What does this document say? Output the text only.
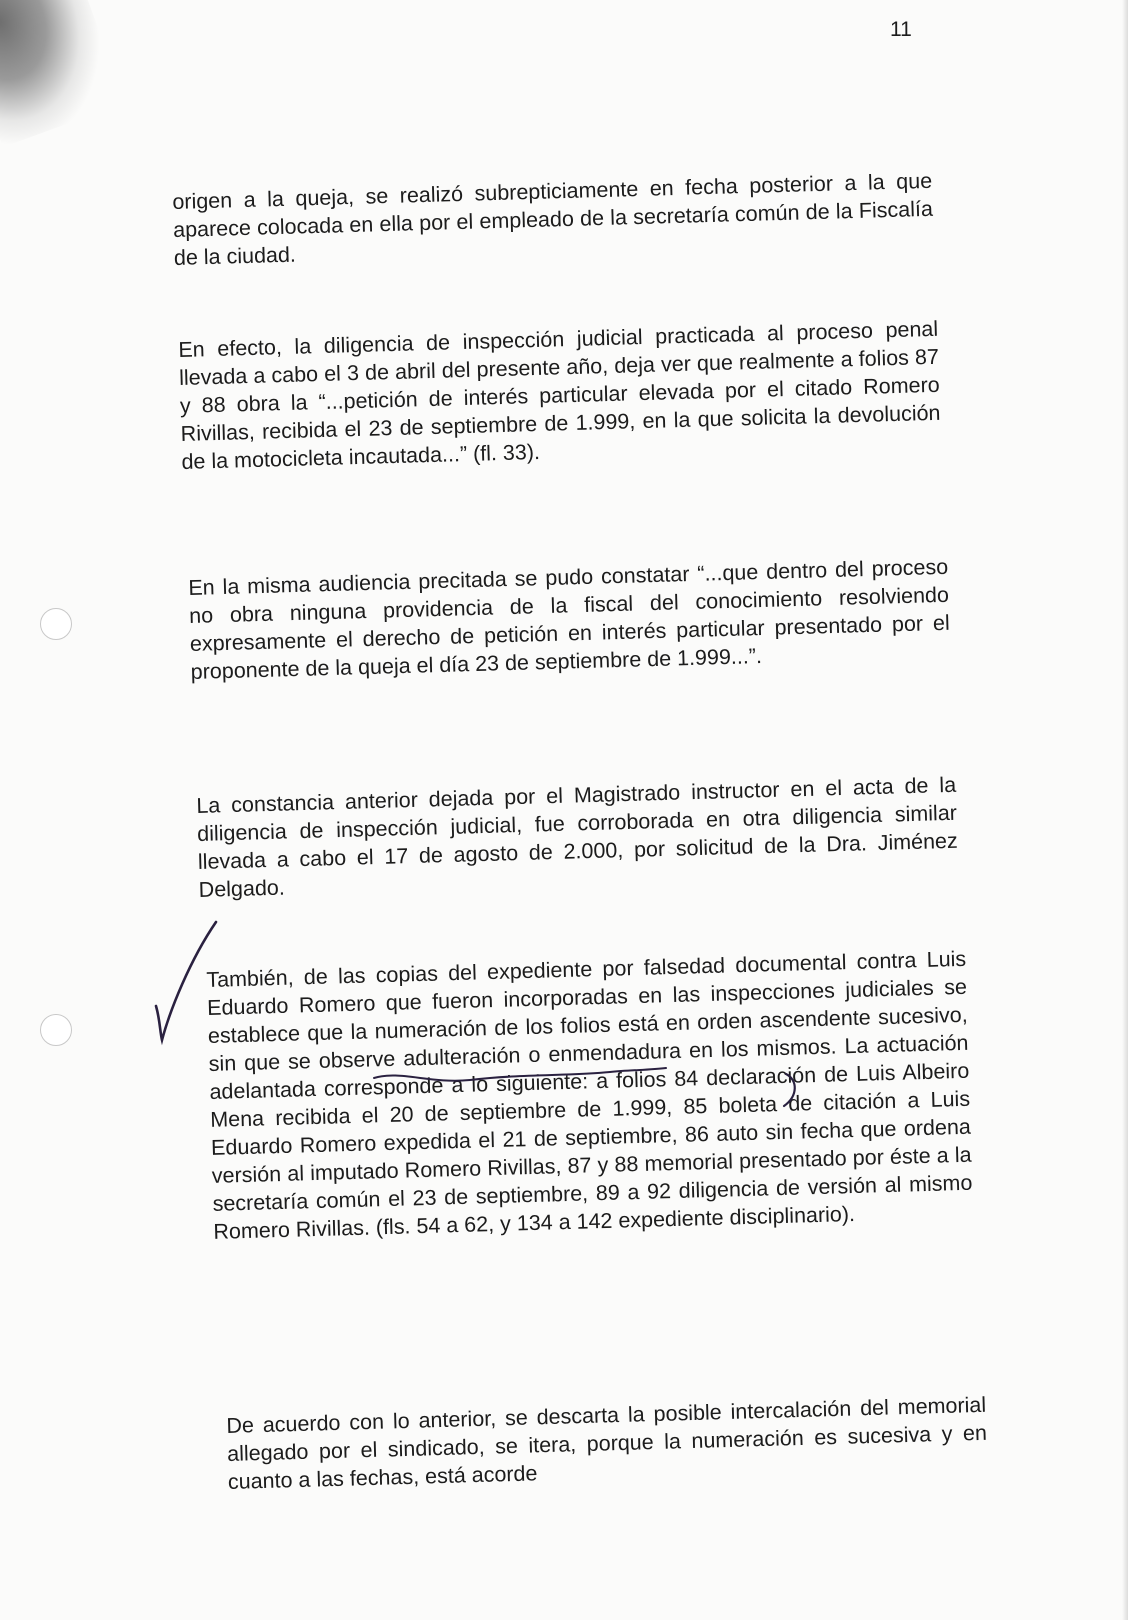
11

origen a la queja, se realizó subrepticiamente en fecha posterior a la que aparece colocada en ella por el empleado de la secretaría común de la Fiscalía de la ciudad.

En efecto, la diligencia de inspección judicial practicada al proceso penal llevada a cabo el 3 de abril del presente año, deja ver que realmente a folios 87 y 88 obra la “...petición de interés particular elevada por el citado Romero Rivillas, recibida el 23 de septiembre de 1.999, en la que solicita la devolución de la motocicleta incautada...” (fl. 33).

En la misma audiencia precitada se pudo constatar “...que dentro del proceso no obra ninguna providencia de la fiscal del conocimiento resolviendo expresamente el derecho de petición en interés particular presentado por el proponente de la queja el día 23 de septiembre de 1.999...”.

La constancia anterior dejada por el Magistrado instructor en el acta de la diligencia de inspección judicial, fue corroborada en otra diligencia similar llevada a cabo el 17 de agosto de 2.000, por solicitud de la Dra. Jiménez Delgado.

También, de las copias del expediente por falsedad documental contra Luis Eduardo Romero que fueron incorporadas en las inspecciones judiciales se establece que la numeración de los folios está en orden ascendente sucesivo, sin que se observe adulteración o enmendadura en los mismos. La actuación adelantada corresponde a lo siguiente: a folios 84 declaración de Luis Albeiro Mena recibida el 20 de septiembre de 1.999, 85 boleta de citación a Luis Eduardo Romero expedida el 21 de septiembre, 86 auto sin fecha que ordena versión al imputado Romero Rivillas, 87 y 88 memorial presentado por éste a la secretaría común el 23 de septiembre, 89 a 92 diligencia de versión al mismo Romero Rivillas. (fls. 54 a 62, y 134 a 142 expediente disciplinario).

De acuerdo con lo anterior, se descarta la posible intercalación del memorial allegado por el sindicado, se itera, porque la numeración es sucesiva y en cuanto a las fechas, está acorde
